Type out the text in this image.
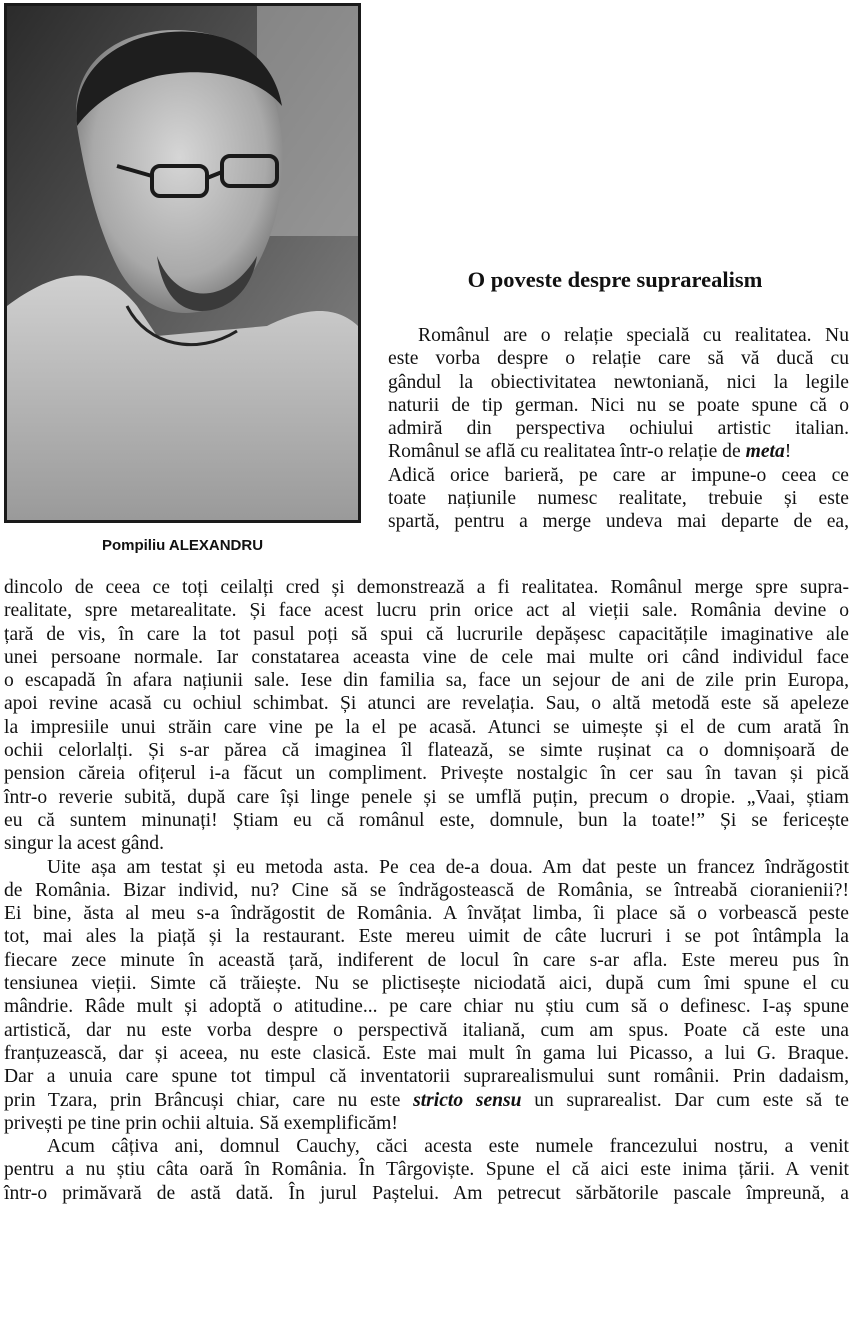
Pompiliu ALEXANDRU
O poveste despre suprarealism
Românul are o relație specială cu realitatea. Nu
este vorba despre o relație care să vă ducă cu
gândul la obiectivitatea newtoniană, nici la legile
naturii de tip german. Nici nu se poate spune că o
admiră din perspectiva ochiului artistic italian.
Românul se află cu realitatea într-o relație de meta!
Adică orice barieră, pe care ar impune-o ceea ce
toate națiunile numesc realitate, trebuie și este
spartă, pentru a merge undeva mai departe de ea,
dincolo de ceea ce toți ceilalți cred și demonstrează a fi realitatea. Românul merge spre supra-
realitate, spre metarealitate. Și face acest lucru prin orice act al vieții sale. România devine o
țară de vis, în care la tot pasul poți să spui că lucrurile depășesc capacitățile imaginative ale
unei persoane normale. Iar constatarea aceasta vine de cele mai multe ori când individul face
o escapadă în afara națiunii sale. Iese din familia sa, face un sejour de ani de zile prin Europa,
apoi revine acasă cu ochiul schimbat. Și atunci are revelația. Sau, o altă metodă este să apeleze
la impresiile unui străin care vine pe la el pe acasă. Atunci se uimește și el de cum arată în
ochii celorlalți. Și s-ar părea că imaginea îl flatează, se simte rușinat ca o domnișoară de
pension căreia ofițerul i-a făcut un compliment. Privește nostalgic în cer sau în tavan și pică
într-o reverie subită, după care își linge penele și se umflă puțin, precum o dropie. „Vaai, știam
eu că suntem minunați! Știam eu că românul este, domnule, bun la toate!” Și se fericește
singur la acest gând.
Uite așa am testat și eu metoda asta. Pe cea de-a doua. Am dat peste un francez îndrăgostit
de România. Bizar individ, nu? Cine să se îndrăgostească de România, se întreabă cioranienii?!
Ei bine, ăsta al meu s-a îndrăgostit de România. A învățat limba, îi place să o vorbească peste
tot, mai ales la piață și la restaurant. Este mereu uimit de câte lucruri i se pot întâmpla la
fiecare zece minute în această țară, indiferent de locul în care s-ar afla. Este mereu pus în
tensiunea vieții. Simte că trăiește. Nu se plictisește niciodată aici, după cum îmi spune el cu
mândrie. Râde mult și adoptă o atitudine... pe care chiar nu știu cum să o definesc. I-aș spune
artistică, dar nu este vorba despre o perspectivă italiană, cum am spus. Poate că este una
franțuzească, dar și aceea, nu este clasică. Este mai mult în gama lui Picasso, a lui G. Braque.
Dar a unuia care spune tot timpul că inventatorii suprarealismului sunt românii. Prin dadaism,
prin Tzara, prin Brâncuși chiar, care nu este stricto sensu un suprarealist. Dar cum este să te
privești pe tine prin ochii altuia. Să exemplificăm!
Acum câțiva ani, domnul Cauchy, căci acesta este numele francezului nostru, a venit
pentru a nu știu câta oară în România. În Târgoviște. Spune el că aici este inima țării. A venit
într-o primăvară de astă dată. În jurul Paștelui. Am petrecut sărbătorile pascale împreună, a
